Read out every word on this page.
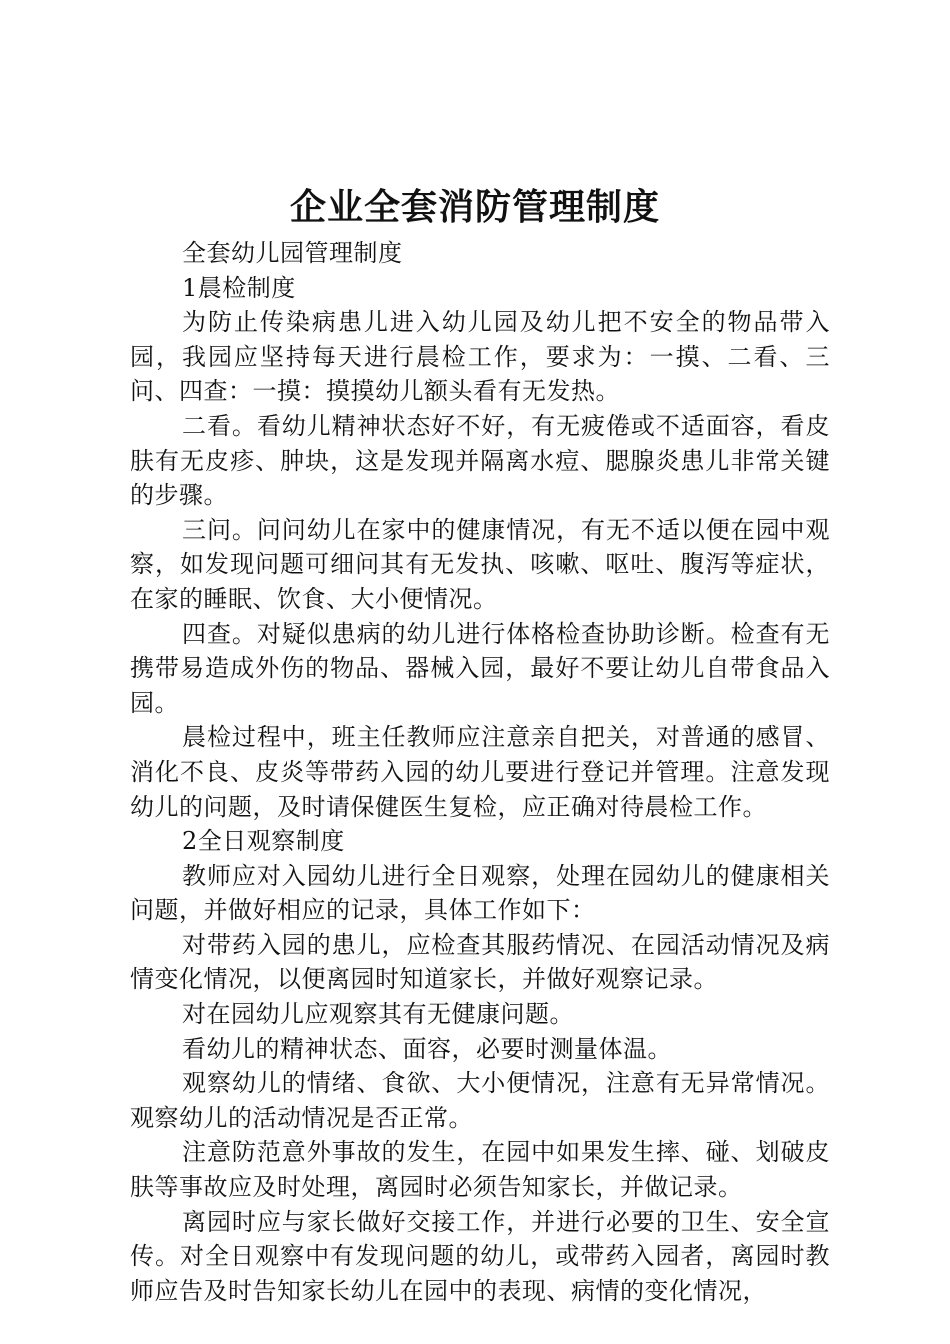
企业全套消防管理制度

全套幼儿园管理制度

1晨检制度

为防止传染病患儿进入幼儿园及幼儿把不安全的物品带入园，我园应坚持每天进行晨检工作，要求为：一摸、二看、三问、四查：一摸：摸摸幼儿额头看有无发热。

二看。看幼儿精神状态好不好，有无疲倦或不适面容，看皮肤有无皮疹、肿块，这是发现并隔离水痘、腮腺炎患儿非常关键的步骤。

三问。问问幼儿在家中的健康情况，有无不适以便在园中观察，如发现问题可细问其有无发执、咳嗽、呕吐、腹泻等症状，在家的睡眠、饮食、大小便情况。

四查。对疑似患病的幼儿进行体格检查协助诊断。检查有无携带易造成外伤的物品、器械入园，最好不要让幼儿自带食品入园。

晨检过程中，班主任教师应注意亲自把关，对普通的感冒、消化不良、皮炎等带药入园的幼儿要进行登记并管理。注意发现幼儿的问题，及时请保健医生复检，应正确对待晨检工作。

2全日观察制度

教师应对入园幼儿进行全日观察，处理在园幼儿的健康相关问题，并做好相应的记录，具体工作如下：

对带药入园的患儿，应检查其服药情况、在园活动情况及病情变化情况，以便离园时知道家长，并做好观察记录。

对在园幼儿应观察其有无健康问题。

看幼儿的精神状态、面容，必要时测量体温。

观察幼儿的情绪、食欲、大小便情况，注意有无异常情况。观察幼儿的活动情况是否正常。

注意防范意外事故的发生，在园中如果发生摔、碰、划破皮肤等事故应及时处理，离园时必须告知家长，并做记录。

离园时应与家长做好交接工作，并进行必要的卫生、安全宣传。对全日观察中有发现问题的幼儿，或带药入园者，离园时教师应告及时告知家长幼儿在园中的表现、病情的变化情况，
